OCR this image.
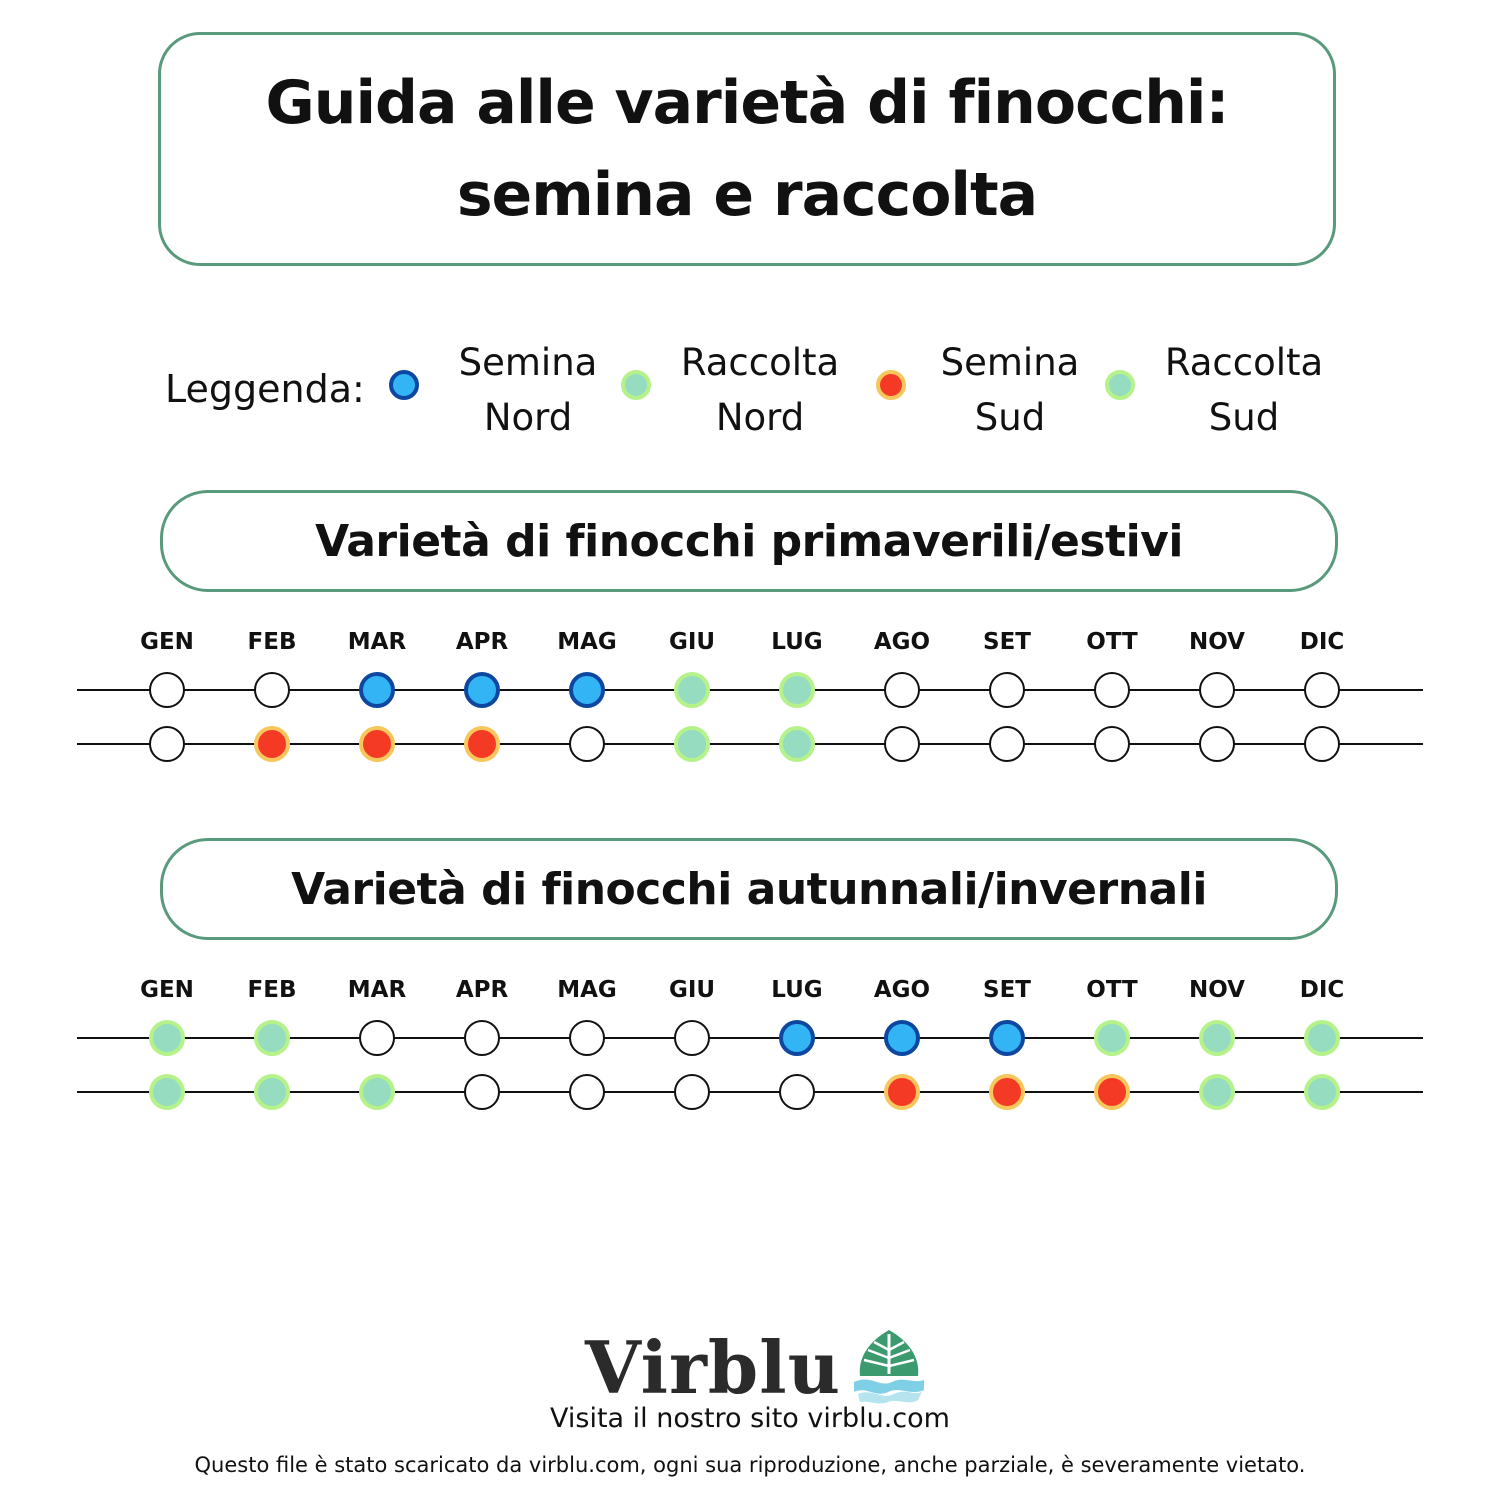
Guida alle varietà di finocchi:
semina e raccolta
Leggenda:
Semina
Nord
Raccolta
Nord
Semina
Sud
Raccolta
Sud
Varietà di finocchi primaverili/estivi
GEN FEB MAR APR MAG GIU LUG AGO SET OTT NOV DIC
Varietà di finocchi autunnali/invernali
GEN FEB MAR APR MAG GIU LUG AGO SET OTT NOV DIC
Virblu
Visita il nostro sito virblu.com
Questo file è stato scaricato da virblu.com, ogni sua riproduzione, anche parziale, è severamente vietato.
